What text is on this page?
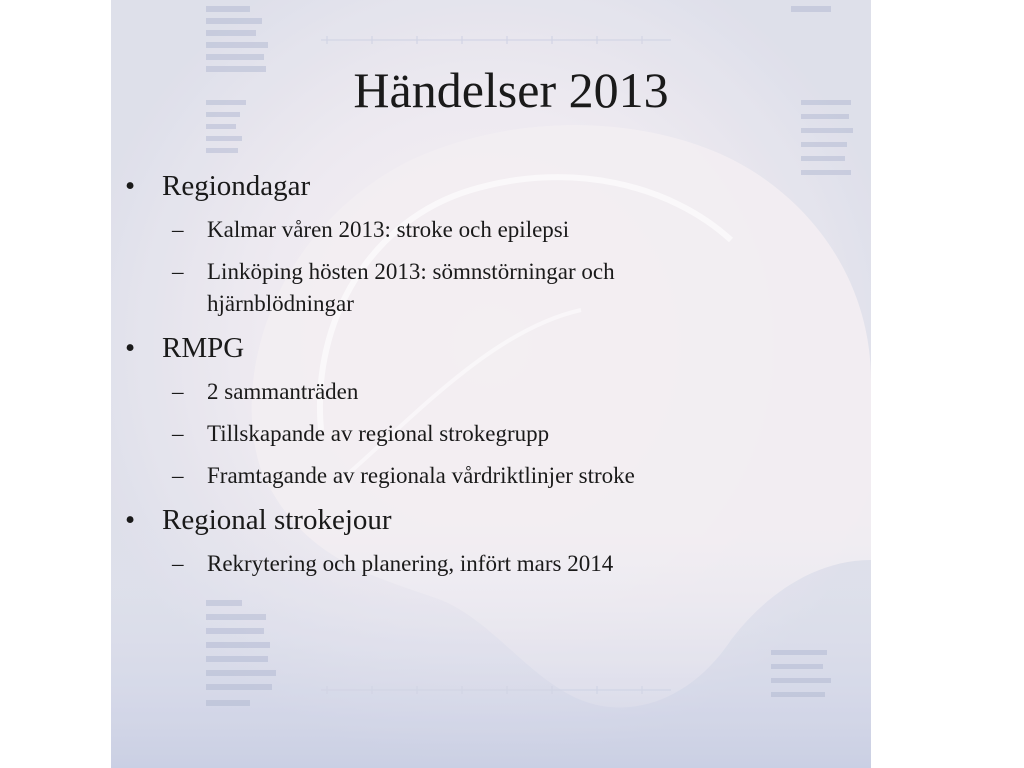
Händelser 2013
• Regiondagar
– Kalmar våren 2013: stroke och epilepsi
– Linköping hösten 2013: sömnstörningar och hjärnblödningar
• RMPG
– 2 sammanträden
– Tillskapande av regional strokegrupp
– Framtagande av regionala vårdriktlinjer stroke
• Regional strokejour
– Rekrytering och planering, infört mars 2014
